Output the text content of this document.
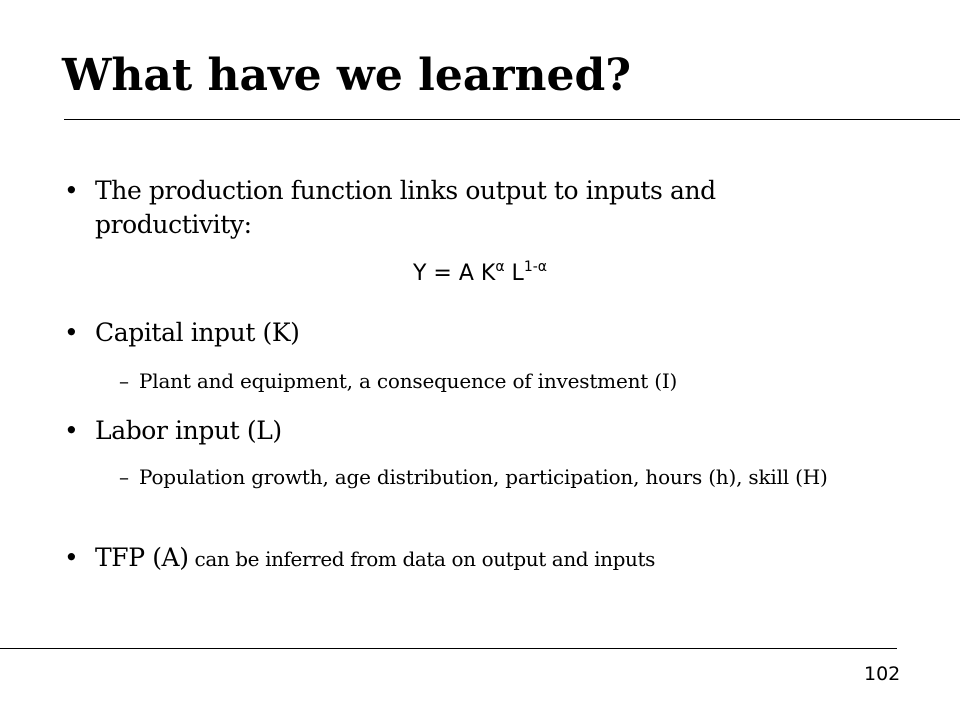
What have we learned?
• The production function links output to inputs and productivity:
Y = A $K^\alpha$ $L^{1-\alpha}$
• Capital input (K)
– Plant and equipment, a consequence of investment (I)
• Labor input (L)
– Population growth, age distribution, participation, hours (h), skill (H)
• TFP (A) can be inferred from data on output and inputs
102
